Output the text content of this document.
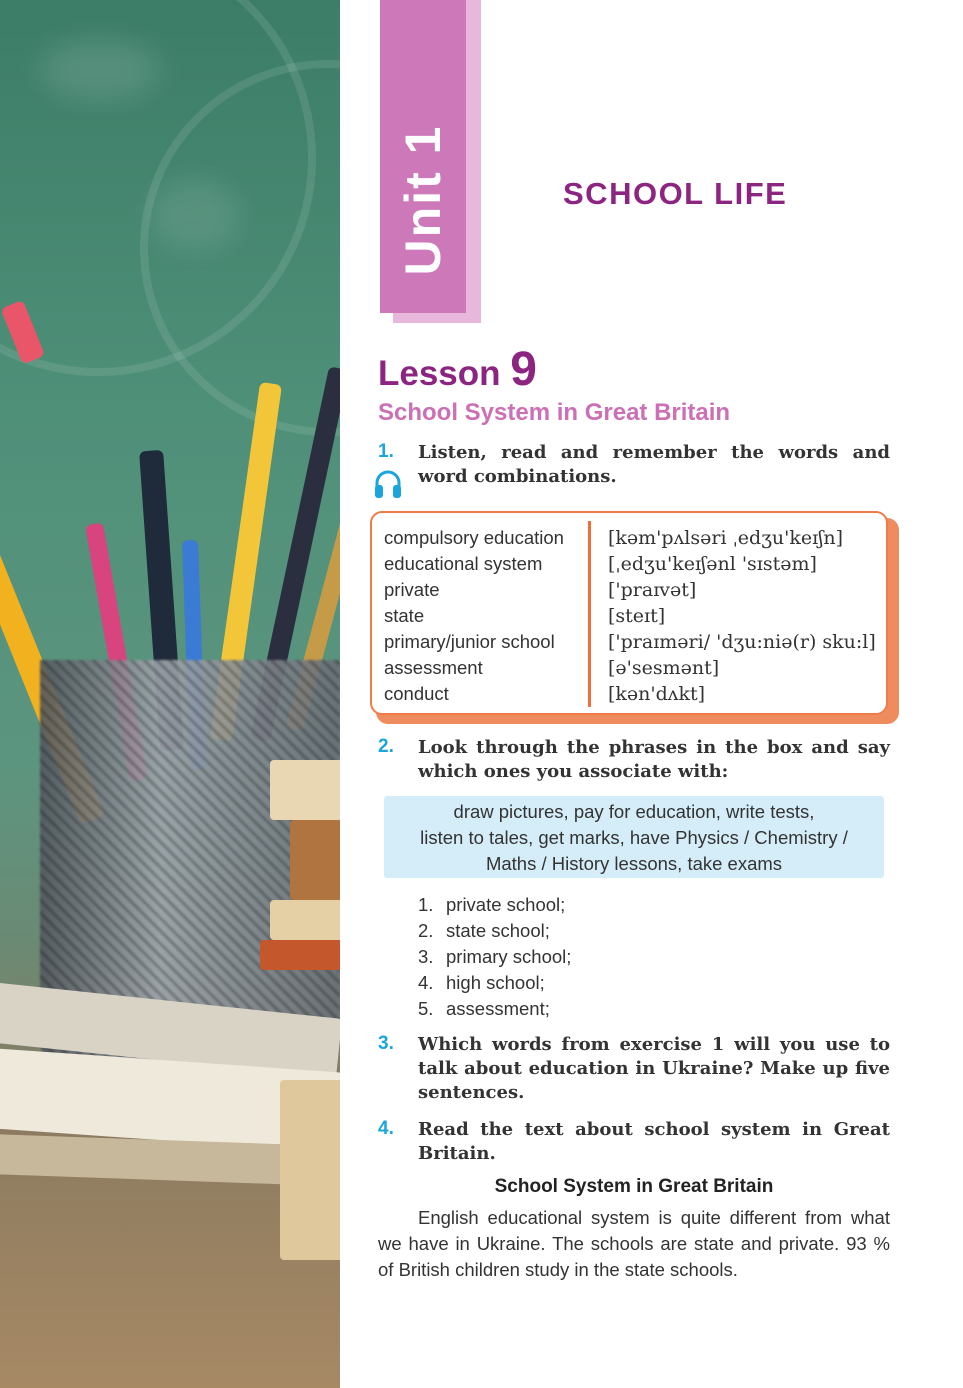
Unit 1	SCHOOL LIFE
Lesson 9
School System in Great Britain
1. Listen, read and remember the words and word combinations.
compulsory education
educational system
private
state
primary/junior school
assessment
conduct
[kəm'pʌlsəri ˌedʒu'keɪʃn]
[ˌedʒu'keɪʃənl 'sɪstəm]
['praɪvət]
[steɪt]
['praɪməri/ 'dʒu:niə(r) sku:l]
[ə'sesmənt]
[kən'dʌkt]
2. Look through the phrases in the box and say which ones you associate with:
draw pictures, pay for education, write tests,
listen to tales, get marks, have Physics / Chemistry /
Maths / History lessons, take exams
1. private school;
2. state school;
3. primary school;
4. high school;
5. assessment;
3. Which words from exercise 1 will you use to talk about education in Ukraine? Make up five sentences.
4. Read the text about school system in Great Britain.
School System in Great Britain
English educational system is quite different from what we have in Ukraine. The schools are state and private. 93 % of British children study in the state schools.
